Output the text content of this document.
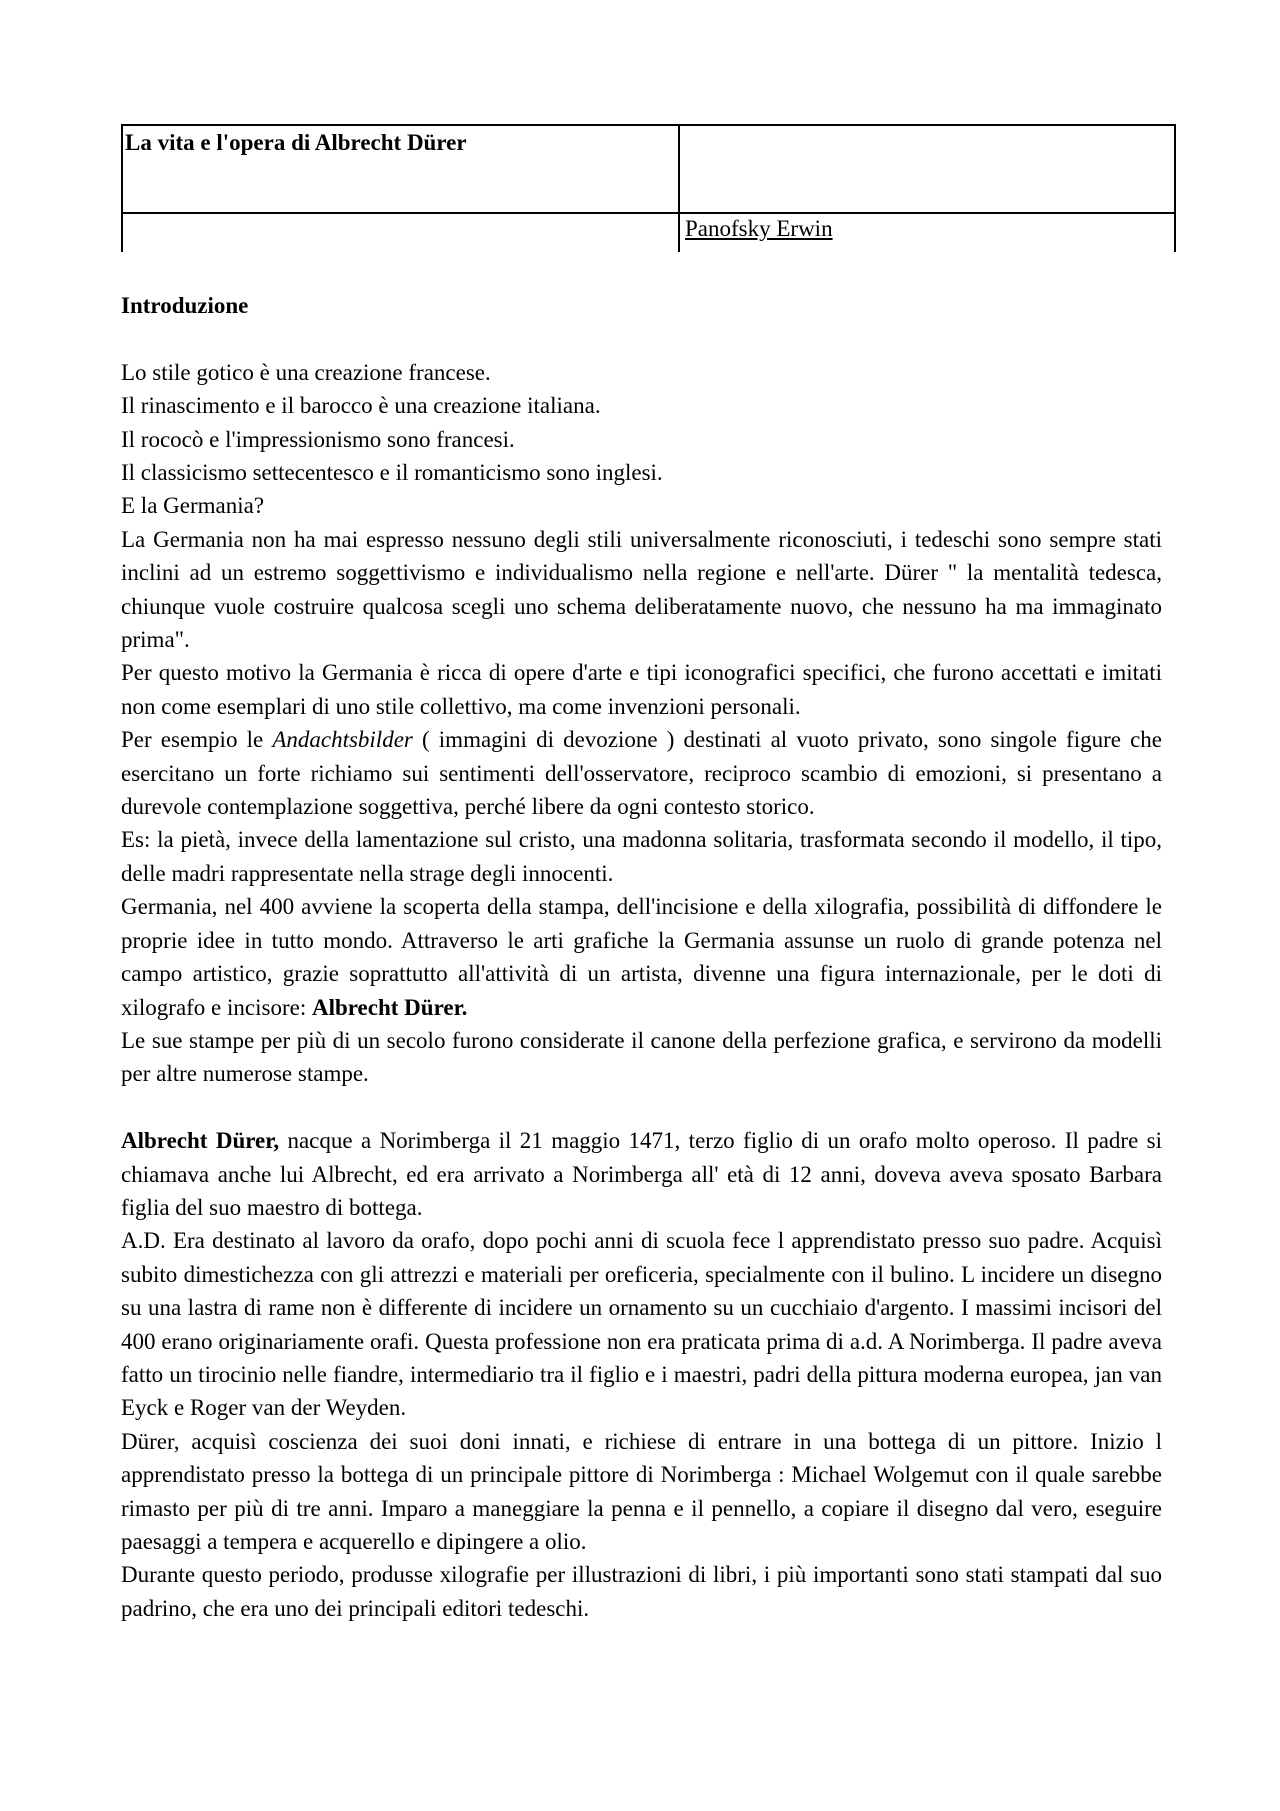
La vita e l'opera di Albrecht Dürer
Panofsky Erwin

Introduzione

Lo stile gotico è una creazione francese.

Il rinascimento e il barocco è una creazione italiana.

Il rococò e l'impressionismo sono francesi.

Il classicismo settecentesco e il romanticismo sono inglesi.

E la Germania?

La Germania non ha mai espresso nessuno degli stili universalmente riconosciuti, i tedeschi sono sempre stati inclini ad un estremo soggettivismo e individualismo nella regione e nell'arte. Dürer " la mentalità tedesca, chiunque vuole costruire qualcosa scegli uno schema deliberatamente nuovo, che nessuno ha ma immaginato prima".

Per questo motivo la Germania è ricca di opere d'arte e tipi iconografici specifici, che furono accettati e imitati non come esemplari di uno stile collettivo, ma come invenzioni personali.

Per esempio le Andachtsbilder ( immagini di devozione ) destinati al vuoto privato, sono singole figure che esercitano un forte richiamo sui sentimenti dell'osservatore, reciproco scambio di emozioni, si presentano a durevole contemplazione soggettiva, perché libere da ogni contesto storico.

Es: la pietà, invece della lamentazione sul cristo, una madonna solitaria, trasformata secondo il modello, il tipo, delle madri rappresentate nella strage degli innocenti.

Germania, nel 400 avviene la scoperta della stampa, dell'incisione e della xilografia, possibilità di diffondere le proprie idee in tutto mondo. Attraverso le arti grafiche la Germania assunse un ruolo di grande potenza nel campo artistico, grazie soprattutto all'attività di un artista, divenne una figura internazionale, per le doti di xilografo e incisore: Albrecht Dürer.

Le sue stampe per più di un secolo furono considerate il canone della perfezione grafica, e servirono da modelli per altre numerose stampe.

Albrecht Dürer, nacque a Norimberga il 21 maggio 1471, terzo figlio di un orafo molto operoso. Il padre si chiamava anche lui Albrecht, ed era arrivato a Norimberga all' età di 12 anni, doveva aveva sposato Barbara figlia del suo maestro di bottega.

A.D. Era destinato al lavoro da orafo, dopo pochi anni di scuola fece l apprendistato presso suo padre. Acquisì subito dimestichezza con gli attrezzi e materiali per oreficeria, specialmente con il bulino. L incidere un disegno su una lastra di rame non è differente di incidere un ornamento su un cucchiaio d'argento. I massimi incisori del 400 erano originariamente orafi. Questa professione non era praticata prima di a.d. A Norimberga. Il padre aveva fatto un tirocinio nelle fiandre, intermediario tra il figlio e i maestri, padri della pittura moderna europea, jan van Eyck e Roger van der Weyden.

Dürer, acquisì coscienza dei suoi doni innati, e richiese di entrare in una bottega di un pittore. Inizio l apprendistato presso la bottega di un principale pittore di Norimberga : Michael Wolgemut con il quale sarebbe rimasto per più di tre anni. Imparo a maneggiare la penna e il pennello, a copiare il disegno dal vero, eseguire paesaggi a tempera e acquerello e dipingere a olio.

Durante questo periodo, produsse xilografie per illustrazioni di libri, i più importanti sono stati stampati dal suo padrino, che era uno dei principali editori tedeschi.
